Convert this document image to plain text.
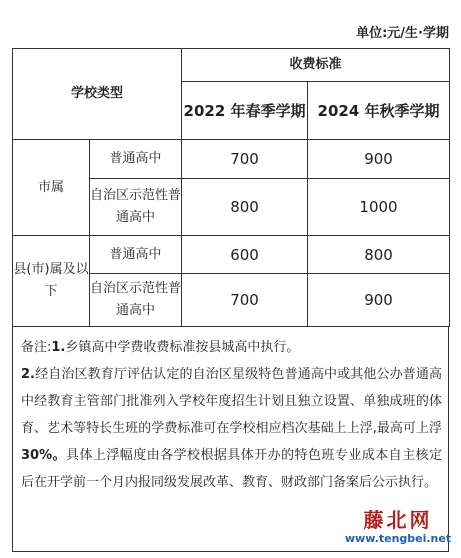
单位:元/生·学期
学校类型		收费标准	
		2022 年春季学期	2024 年秋季学期
市属	普通高中	700	900
	自治区示范性普通高中	800	1000
县(市)属及以下	普通高中	600	800
	自治区示范性普通高中	700	900

备注:1.乡镇高中学费收费标准按县城高中执行。

2.经自治区教育厅评估认定的自治区星级特色普通高中或其他公办普通高中经教育主管部门批准列入学校年度招生计划且独立设置、单独成班的体育、艺术等特长生班的学费标准可在学校相应档次基础上上浮,最高可上浮30%。具体上浮幅度由各学校根据具体开办的特色班专业成本自主核定后在开学前一个月内报同级发展改革、教育、财政部门备案后公示执行。

藤北网
www.tengbei.net
